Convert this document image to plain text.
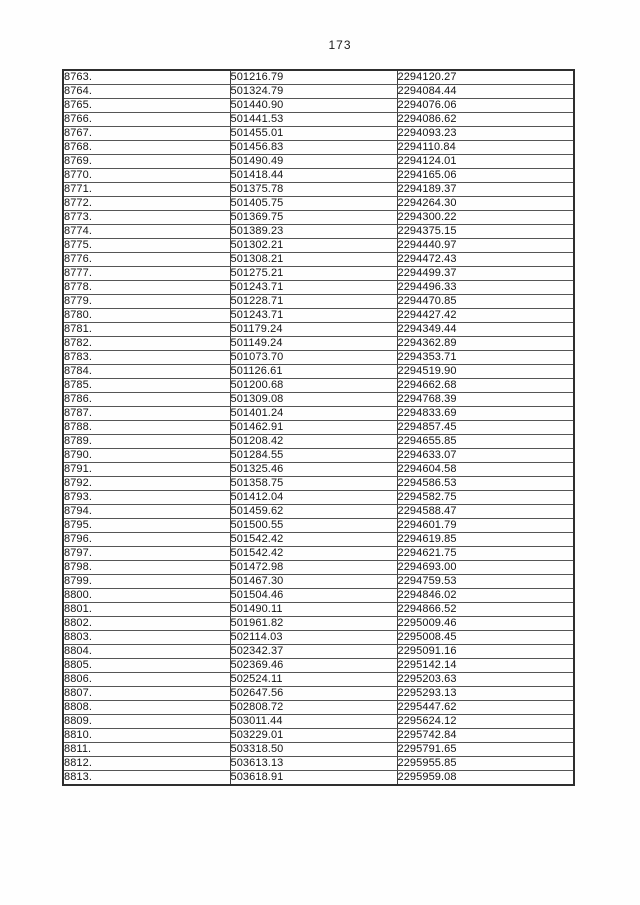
173
8763.	501216.79	2294120.27
8764.	501324.79	2294084.44
8765.	501440.90	2294076.06
8766.	501441.53	2294086.62
8767.	501455.01	2294093.23
8768.	501456.83	2294110.84
8769.	501490.49	2294124.01
8770.	501418.44	2294165.06
8771.	501375.78	2294189.37
8772.	501405.75	2294264.30
8773.	501369.75	2294300.22
8774.	501389.23	2294375.15
8775.	501302.21	2294440.97
8776.	501308.21	2294472.43
8777.	501275.21	2294499.37
8778.	501243.71	2294496.33
8779.	501228.71	2294470.85
8780.	501243.71	2294427.42
8781.	501179.24	2294349.44
8782.	501149.24	2294362.89
8783.	501073.70	2294353.71
8784.	501126.61	2294519.90
8785.	501200.68	2294662.68
8786.	501309.08	2294768.39
8787.	501401.24	2294833.69
8788.	501462.91	2294857.45
8789.	501208.42	2294655.85
8790.	501284.55	2294633.07
8791.	501325.46	2294604.58
8792.	501358.75	2294586.53
8793.	501412.04	2294582.75
8794.	501459.62	2294588.47
8795.	501500.55	2294601.79
8796.	501542.42	2294619.85
8797.	501542.42	2294621.75
8798.	501472.98	2294693.00
8799.	501467.30	2294759.53
8800.	501504.46	2294846.02
8801.	501490.11	2294866.52
8802.	501961.82	2295009.46
8803.	502114.03	2295008.45
8804.	502342.37	2295091.16
8805.	502369.46	2295142.14
8806.	502524.11	2295203.63
8807.	502647.56	2295293.13
8808.	502808.72	2295447.62
8809.	503011.44	2295624.12
8810.	503229.01	2295742.84
8811.	503318.50	2295791.65
8812.	503613.13	2295955.85
8813.	503618.91	2295959.08
